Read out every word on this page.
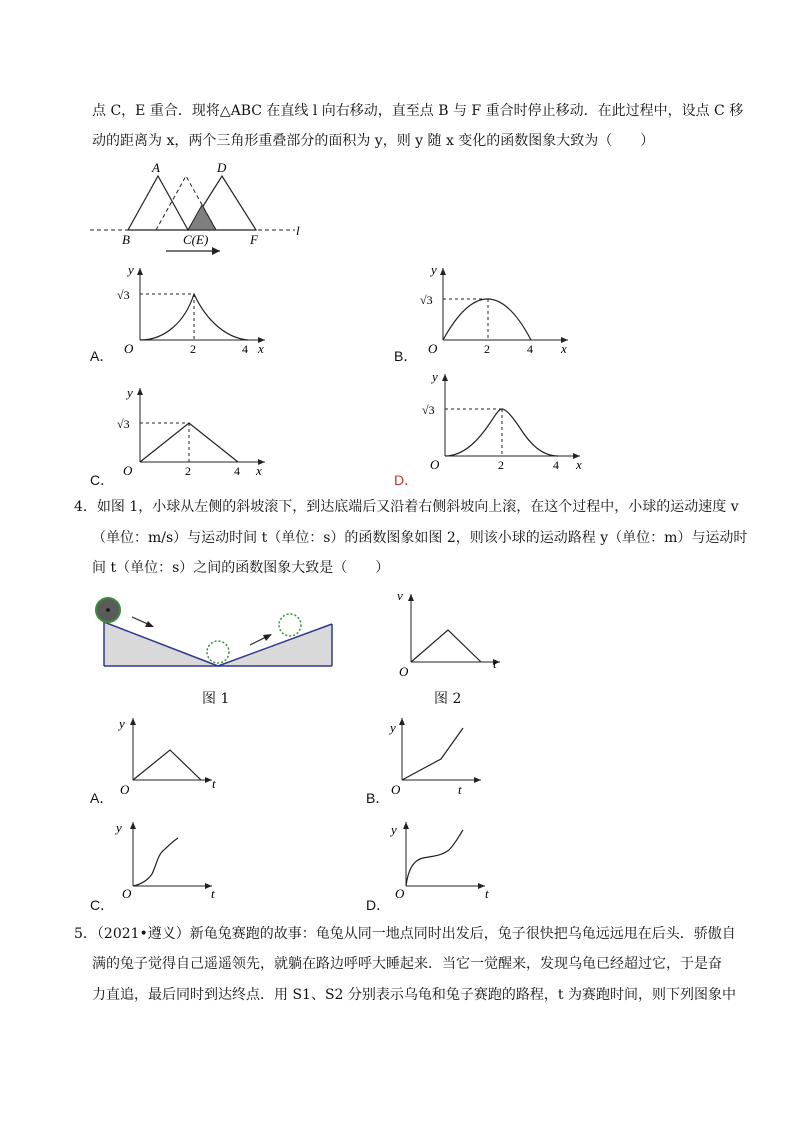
点 C，E 重合．现将△ABC 在直线 l 向右移动，直至点 B 与 F 重合时停止移动．在此过程中，设点 C 移
动的距离为 x，两个三角形重叠部分的面积为 y，则 y 随 x 变化的函数图象大致为（　　）
A	D
B	C(E)	F
l
y
√3
O	2	4 x
A．
y
√3
O	2	4 x
B．
y
√3
O	2	4 x
C．
y
√3
O	2	4 x
D．
4．如图 1，小球从左侧的斜坡滚下，到达底端后又沿着右侧斜坡向上滚，在这个过程中，小球的运动速度 v
（单位：m/s）与运动时间 t（单位：s）的函数图象如图 2，则该小球的运动路程 y（单位：m）与运动时
间 t（单位：s）之间的函数图象大致是（　　）
图 1
v
O
t
图 2
y
O	t
A．
y
O	t
B．
y
O	t
C．
y
O	t
D．
5．（2021•遵义）新龟兔赛跑的故事：龟兔从同一地点同时出发后，兔子很快把乌龟远远甩在后头．骄傲自
满的兔子觉得自己遥遥领先，就躺在路边呼呼大睡起来．当它一觉醒来，发现乌龟已经超过它，于是奋
力直追，最后同时到达终点．用 S1、S2 分别表示乌龟和兔子赛跑的路程，t 为赛跑时间，则下列图象中
